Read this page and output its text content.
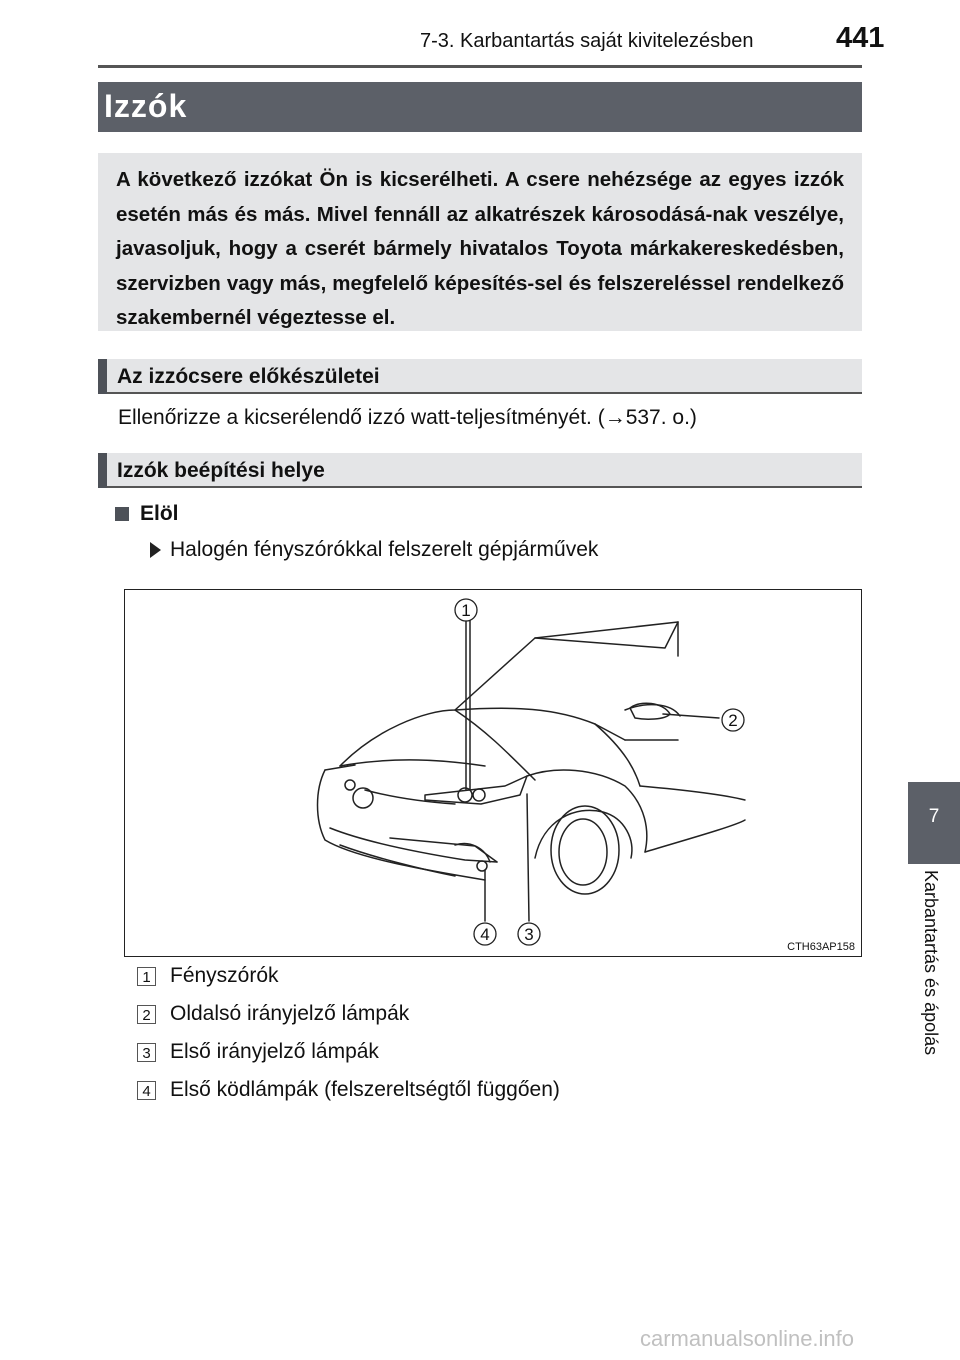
7-3. Karbantartás saját kivitelezésben	441
Izzók
A következő izzókat Ön is kicserélheti. A csere nehézsége az egyes izzók esetén más és más. Mivel fennáll az alkatrészek károsodásá-nak veszélye, javasoljuk, hogy a cserét bármely hivatalos Toyota márkakereskedésben, szervizben vagy más, megfelelő képesítés-sel és felszereléssel rendelkező szakembernél végeztesse el.
Az izzócsere előkészületei
Ellenőrizze a kicserélendő izzó watt-teljesítményét. (→537. o.)
Izzók beépítési helye
Elöl
Halogén fényszórókkal felszerelt gépjárművek
1
2
3
4
CTH63AP158
1 Fényszórók
2 Oldalsó irányjelző lámpák
3 Első irányjelző lámpák
4 Első ködlámpák (felszereltségtől függően)
7
Karbantartás és ápolás
carmanualsonline.info
